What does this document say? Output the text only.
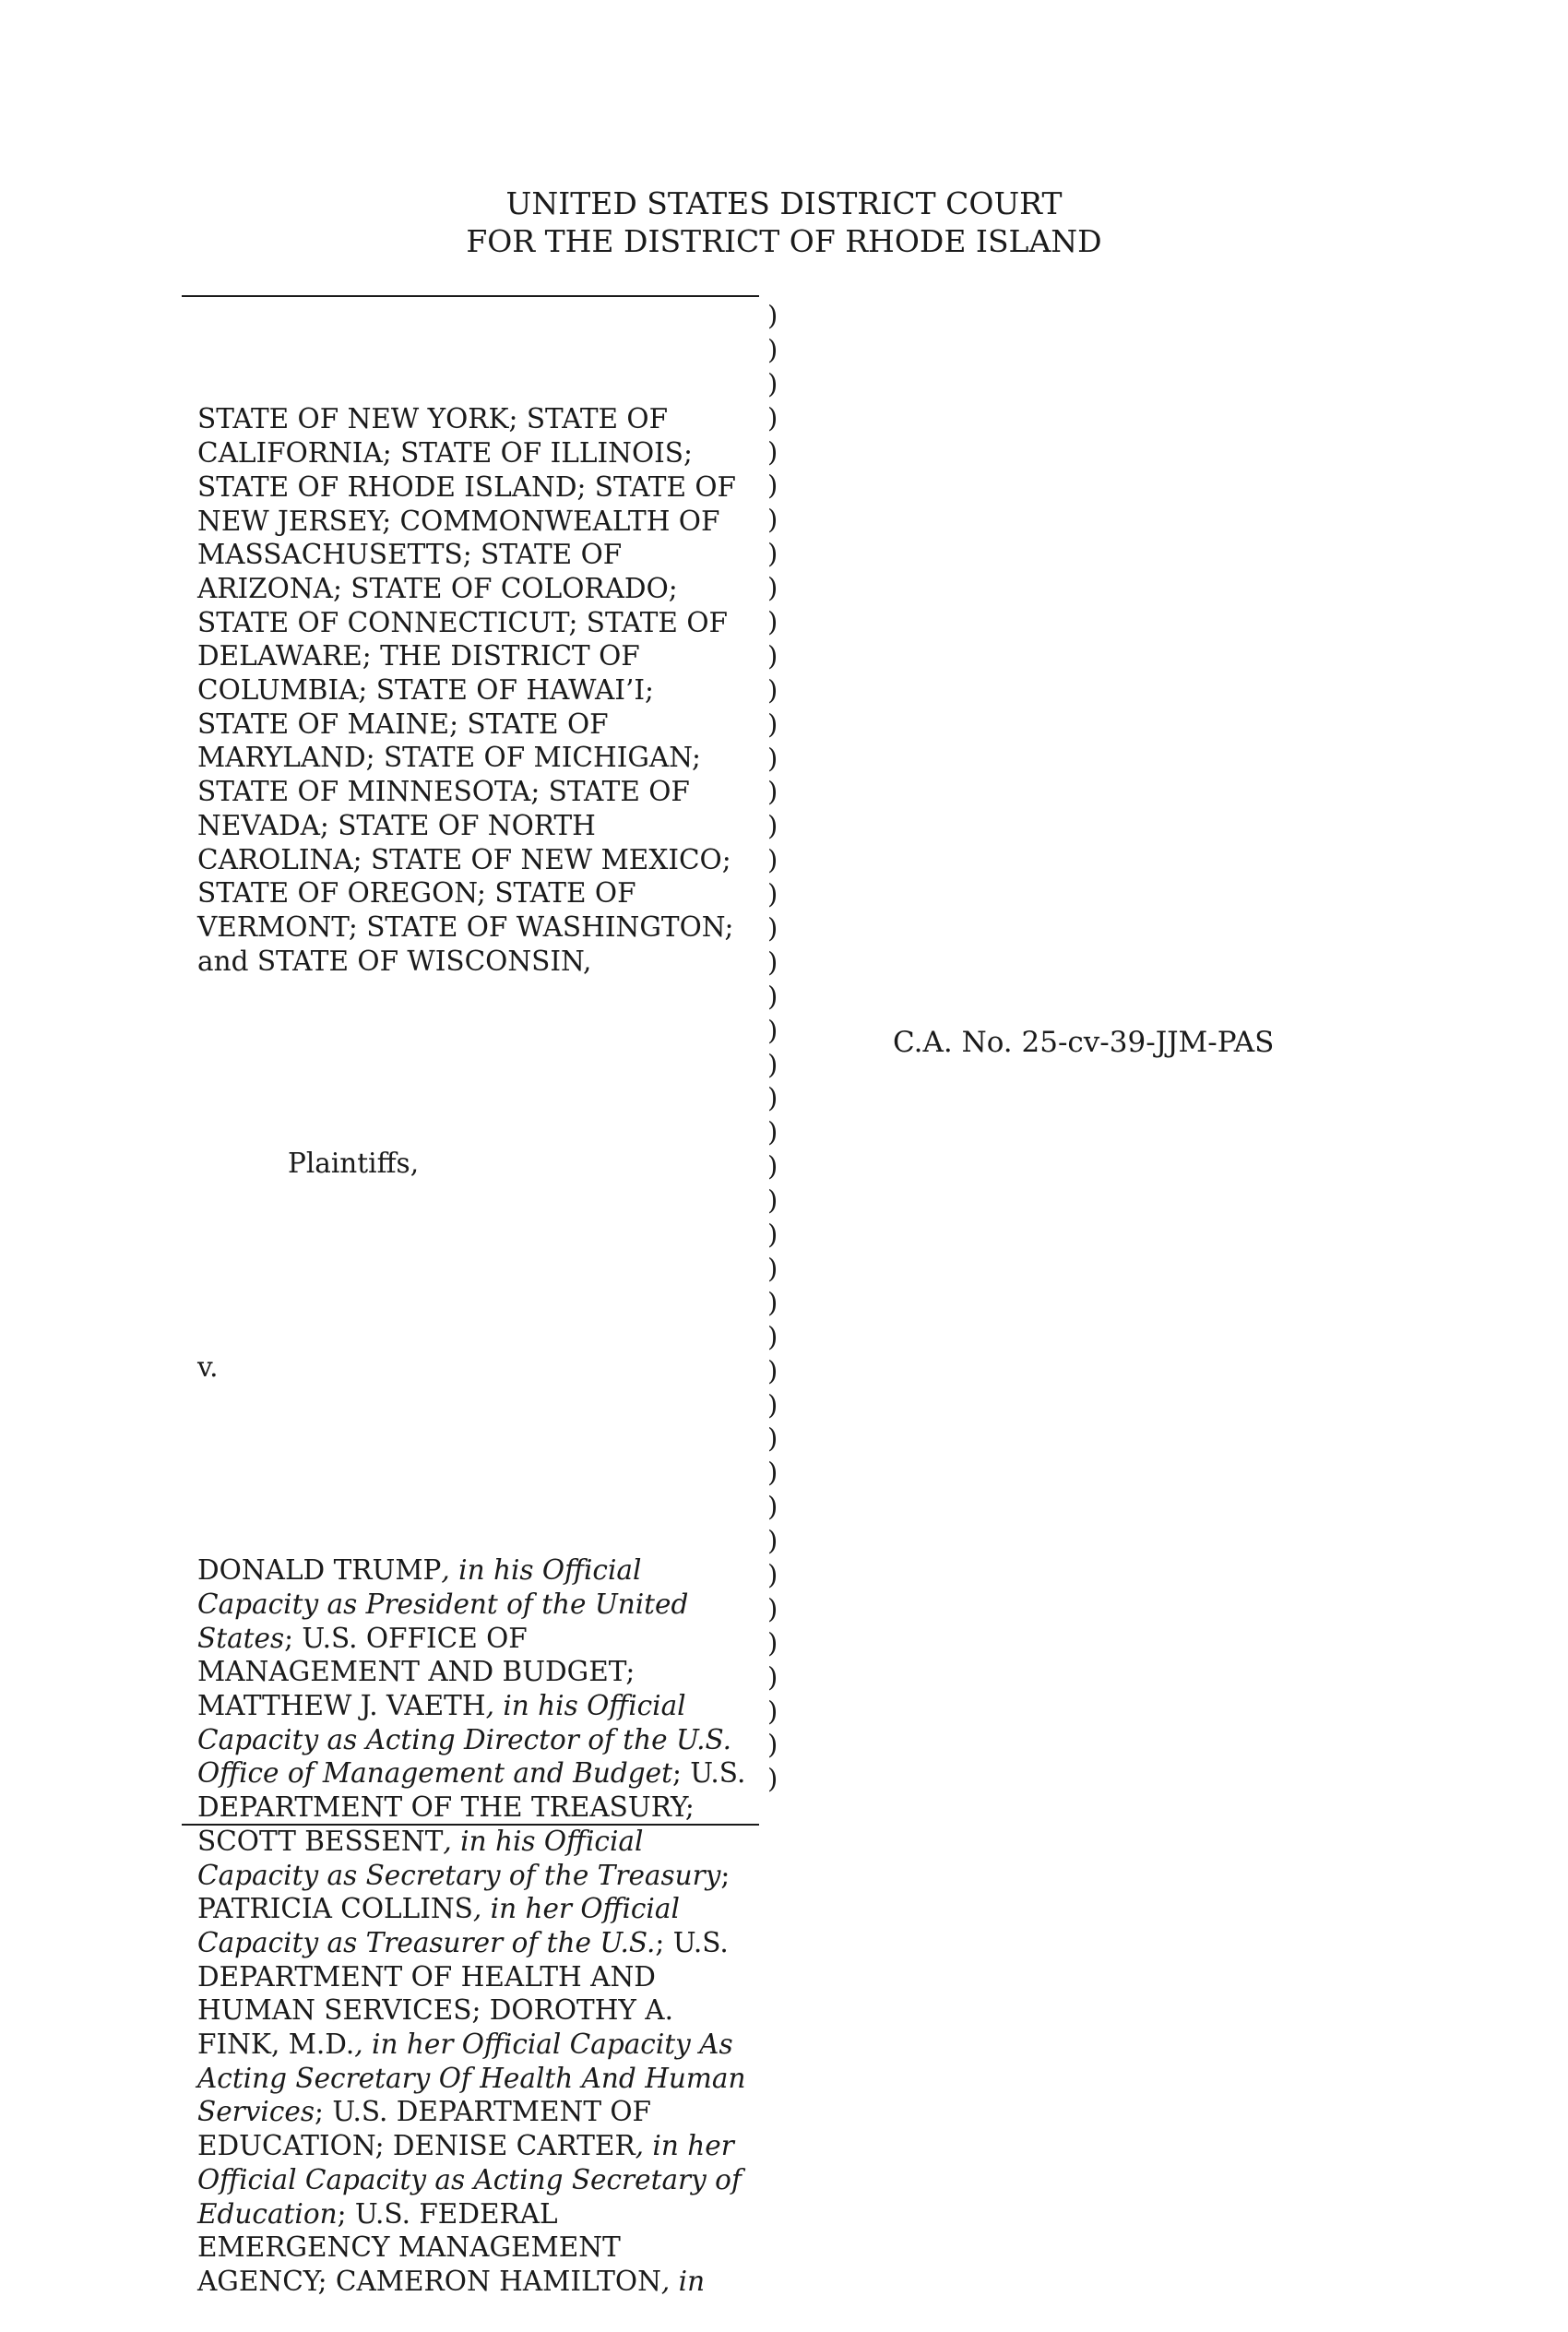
UNITED STATES DISTRICT COURT
FOR THE DISTRICT OF RHODE ISLAND

STATE OF NEW YORK; STATE OF

CALIFORNIA; STATE OF ILLINOIS;

STATE OF RHODE ISLAND; STATE OF

NEW JERSEY; COMMONWEALTH OF

MASSACHUSETTS; STATE OF

ARIZONA; STATE OF COLORADO;

STATE OF CONNECTICUT; STATE OF

DELAWARE; THE DISTRICT OF

COLUMBIA; STATE OF HAWAI’I;

STATE OF MAINE; STATE OF

MARYLAND; STATE OF MICHIGAN;

STATE OF MINNESOTA; STATE OF

NEVADA; STATE OF NORTH

CAROLINA; STATE OF NEW MEXICO;

STATE OF OREGON; STATE OF

VERMONT; STATE OF WASHINGTON;

and STATE OF WISCONSIN,

Plaintiffs,

v.

DONALD TRUMP, in his Official

Capacity as President of the United

States; U.S. OFFICE OF

MANAGEMENT AND BUDGET;

MATTHEW J. VAETH, in his Official

Capacity as Acting Director of the U.S.

Office of Management and Budget; U.S.

DEPARTMENT OF THE TREASURY;

SCOTT BESSENT, in his Official

Capacity as Secretary of the Treasury;

PATRICIA COLLINS, in her Official

Capacity as Treasurer of the U.S.; U.S.

DEPARTMENT OF HEALTH AND

HUMAN SERVICES; DOROTHY A.

FINK, M.D., in her Official Capacity As

Acting Secretary Of Health And Human

Services; U.S. DEPARTMENT OF

EDUCATION; DENISE CARTER, in her

Official Capacity as Acting Secretary of

Education; U.S. FEDERAL

EMERGENCY MANAGEMENT

AGENCY; CAMERON HAMILTON, in

)
)
)
)
)
)
)
)
)
)
)
)
)
)
)
)
)
)
)
)
)
)
)
)
)
)
)
)
)
)
)
)
)
)
)
)
)
)
)
)
)
)
)
)
C.A. No. 25-cv-39-JJM-PAS
